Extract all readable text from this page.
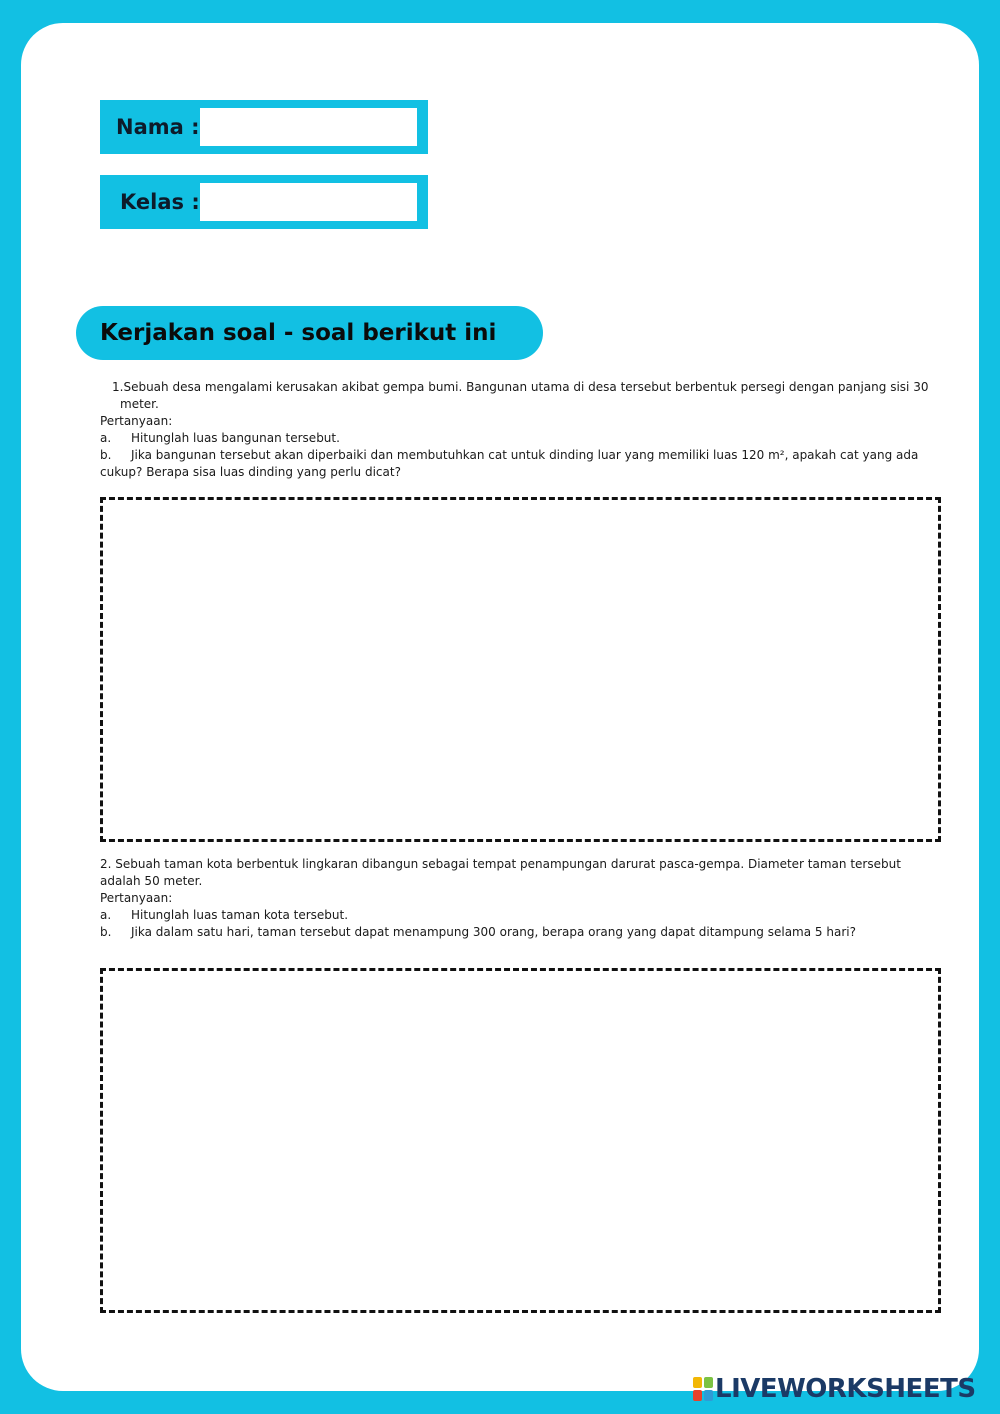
Nama :
Kelas :
Kerjakan soal - soal berikut ini

1.Sebuah desa mengalami kerusakan akibat gempa bumi. Bangunan utama di desa tersebut berbentuk persegi dengan panjang sisi 30 meter.

Pertanyaan:

a. Hitunglah luas bangunan tersebut.

b. Jika bangunan tersebut akan diperbaiki dan membutuhkan cat untuk dinding luar yang memiliki luas 120 m², apakah cat yang ada cukup? Berapa sisa luas dinding yang perlu dicat?

2. Sebuah taman kota berbentuk lingkaran dibangun sebagai tempat penampungan darurat pasca-gempa. Diameter taman tersebut adalah 50 meter.

Pertanyaan:

a. Hitunglah luas taman kota tersebut.

b. Jika dalam satu hari, taman tersebut dapat menampung 300 orang, berapa orang yang dapat ditampung selama 5 hari?

LIVEWORKSHEETS
